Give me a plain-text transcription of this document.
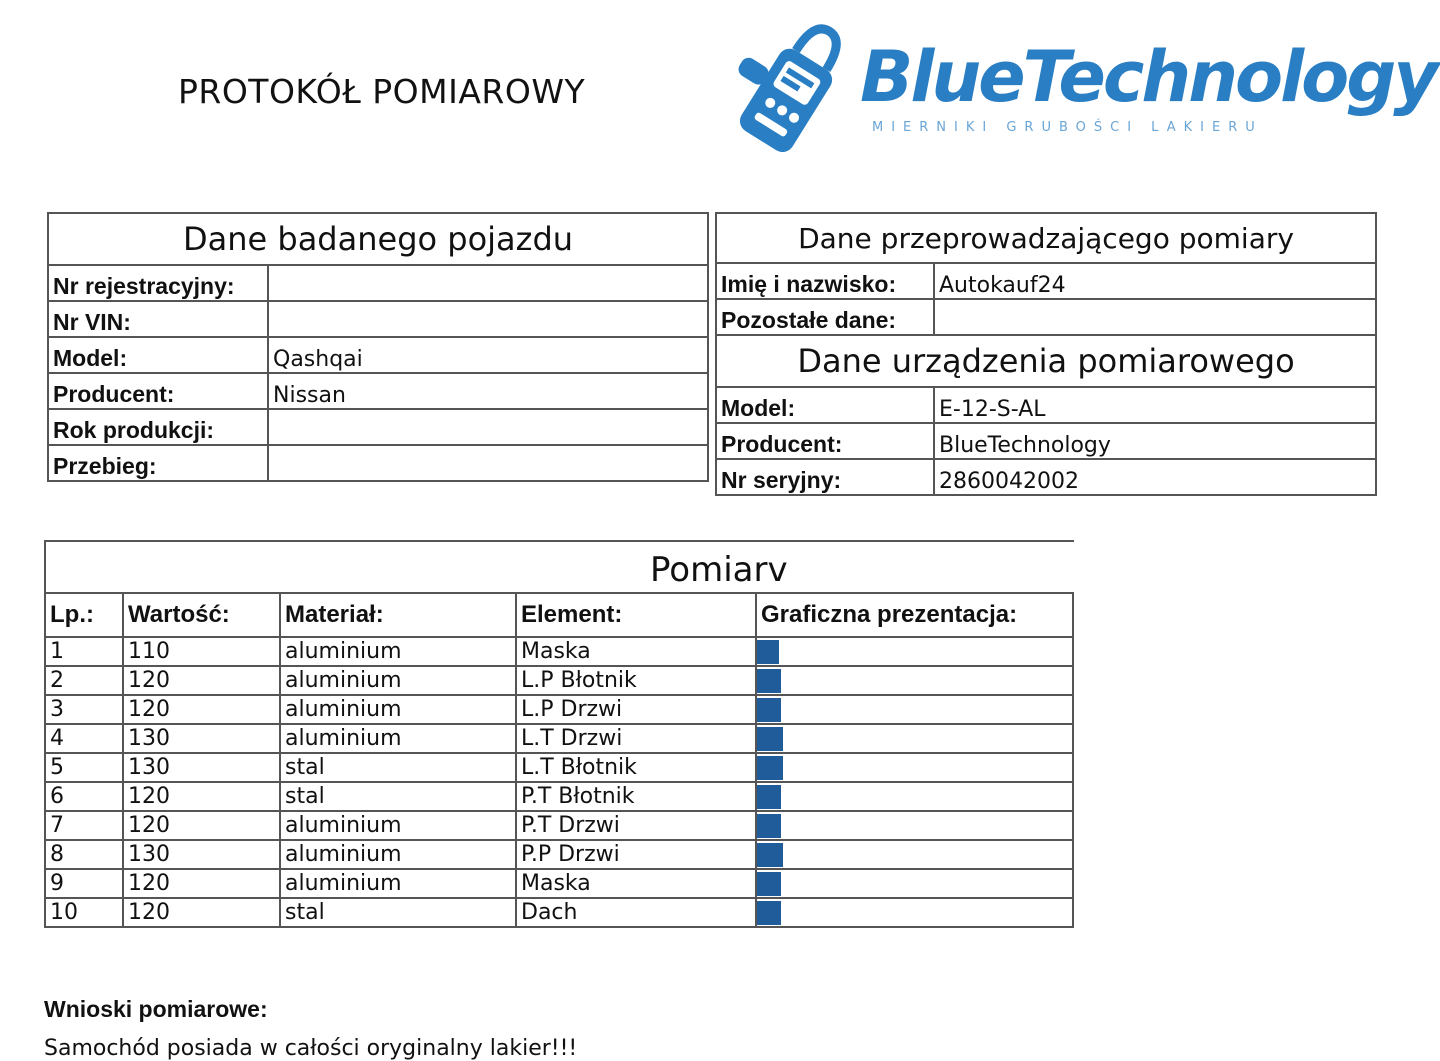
PROTOKÓŁ POMIAROWY	BlueTechnology
MIERNIKI GRUBOŚCI LAKIERU
Dane badanego pojazdu	
Nr rejestracyjny:	
Nr VIN:	
Model:	Qashqai
Producent:	Nissan
Rok produkcji:	
Przebieg:	
Dane przeprowadzającego pomiary	
Imię i nazwisko:	Autokauf24
Pozostałe dane:	
Dane urządzenia pomiarowego	
Model:	E-12-S-AL
Producent:	BlueTechnology
Nr seryjny:	2860042002
Pomiarv
Lp.:	Wartość:	Materiał:	Element:	Graficzna prezentacja:
1	110	aluminium	Maska	

2	120	aluminium	L.P Błotnik	

3	120	aluminium	L.P Drzwi	

4	130	aluminium	L.T Drzwi	

5	130	stal	L.T Błotnik	

6	120	stal	P.T Błotnik	

7	120	aluminium	P.T Drzwi	

8	130	aluminium	P.P Drzwi	

9	120	aluminium	Maska	

10	120	stal	Dach	
Wnioski pomiarowe:
Samochód posiada w całości oryginalny lakier!!!
